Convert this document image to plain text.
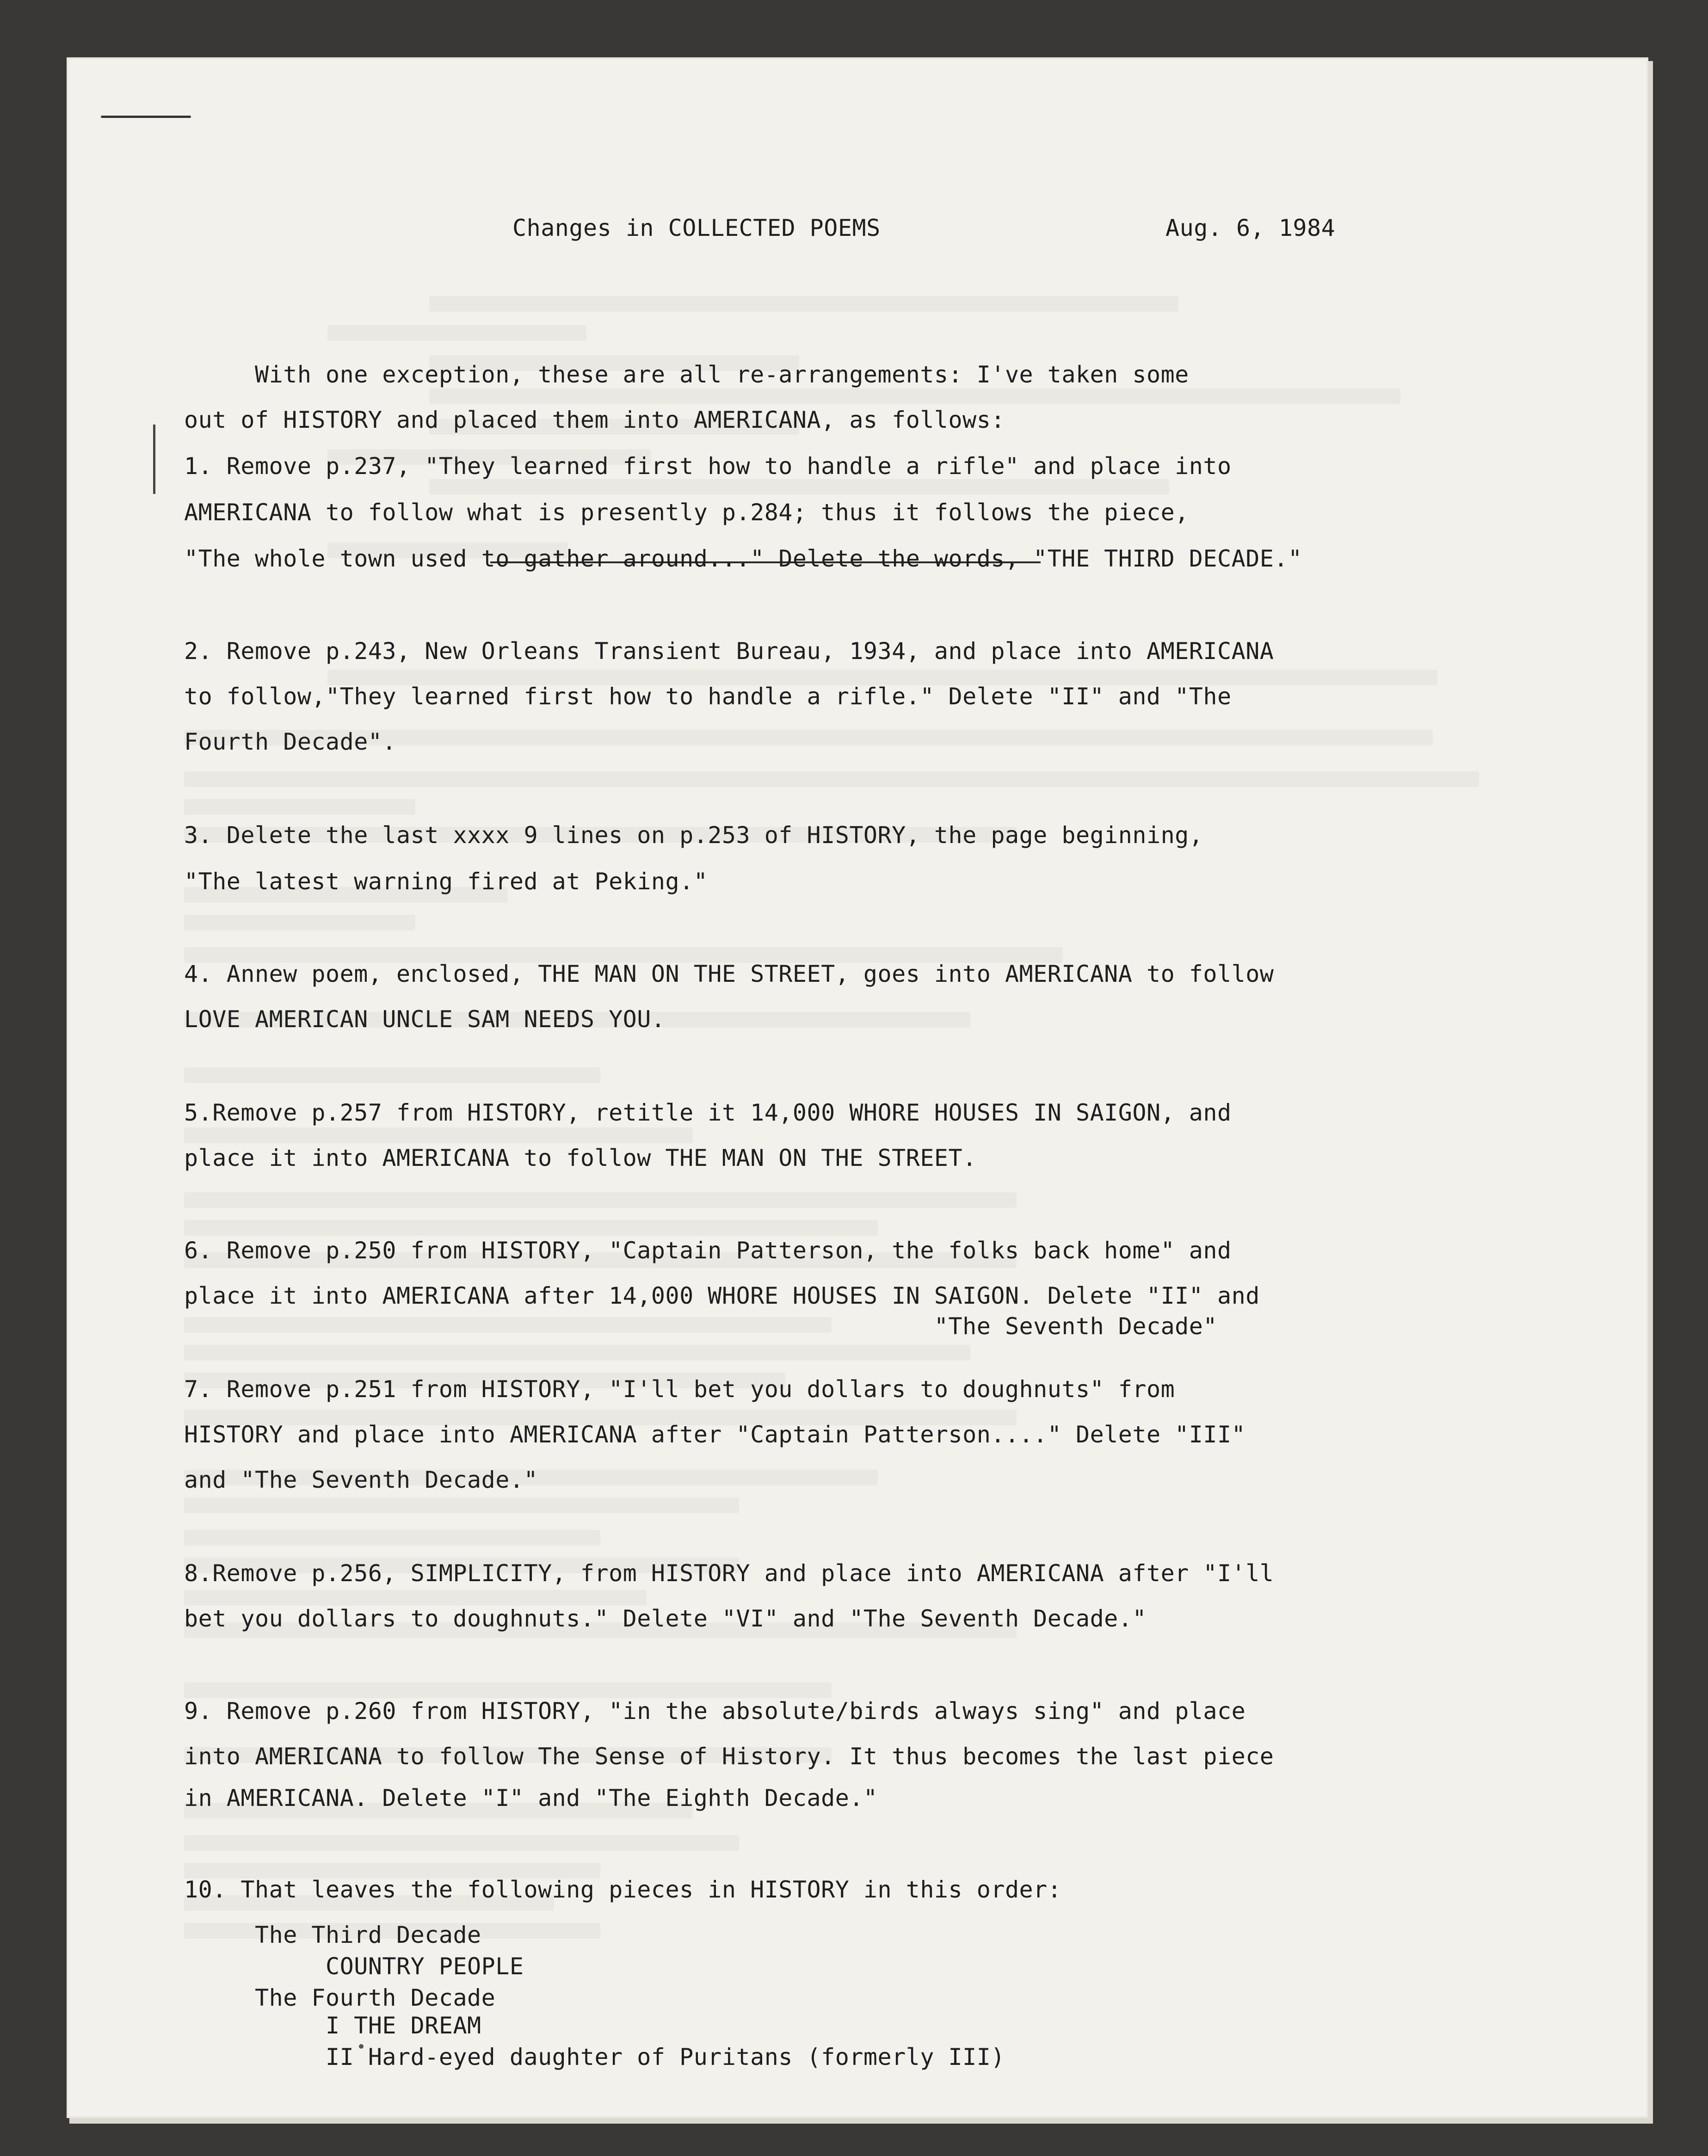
Changes in COLLECTED POEMS	Aug. 6, 1984

With one exception, these are all re-arrangements: I've taken some

out of HISTORY and placed them into AMERICANA, as follows:

1. Remove p.237, "They learned first how to handle a rifle" and place into

AMERICANA to follow what is presently p.284; thus it follows the piece,

"The whole town used to gather around..." Delete the words, "THE THIRD DECADE."

2. Remove p.243, New Orleans Transient Bureau, 1934, and place into AMERICANA

to follow,"They learned first how to handle a rifle." Delete "II" and "The

Fourth Decade".

3. Delete the last xxxx 9 lines on p.253 of HISTORY, the page beginning,

"The latest warning fired at Peking."

4. Annew poem, enclosed, THE MAN ON THE STREET, goes into AMERICANA to follow

LOVE AMERICAN UNCLE SAM NEEDS YOU.

5.Remove p.257 from HISTORY, retitle it 14,000 WHORE HOUSES IN SAIGON, and

place it into AMERICANA to follow THE MAN ON THE STREET.

6. Remove p.250 from HISTORY, "Captain Patterson, the folks back home" and

place it into AMERICANA after 14,000 WHORE HOUSES IN SAIGON. Delete "II" and

"The Seventh Decade"

7. Remove p.251 from HISTORY, "I'll bet you dollars to doughnuts" from

HISTORY and place into AMERICANA after "Captain Patterson...." Delete "III"

and "The Seventh Decade."

8.Remove p.256, SIMPLICITY, from HISTORY and place into AMERICANA after "I'll

bet you dollars to doughnuts." Delete "VI" and "The Seventh Decade."

9. Remove p.260 from HISTORY, "in the absolute/birds always sing" and place

into AMERICANA to follow The Sense of History. It thus becomes the last piece

in AMERICANA. Delete "I" and "The Eighth Decade."

10. That leaves the following pieces in HISTORY in this order:

The Third Decade

COUNTRY PEOPLE

The Fourth Decade

I THE DREAM

II Hard-eyed daughter of Puritans (formerly III)
